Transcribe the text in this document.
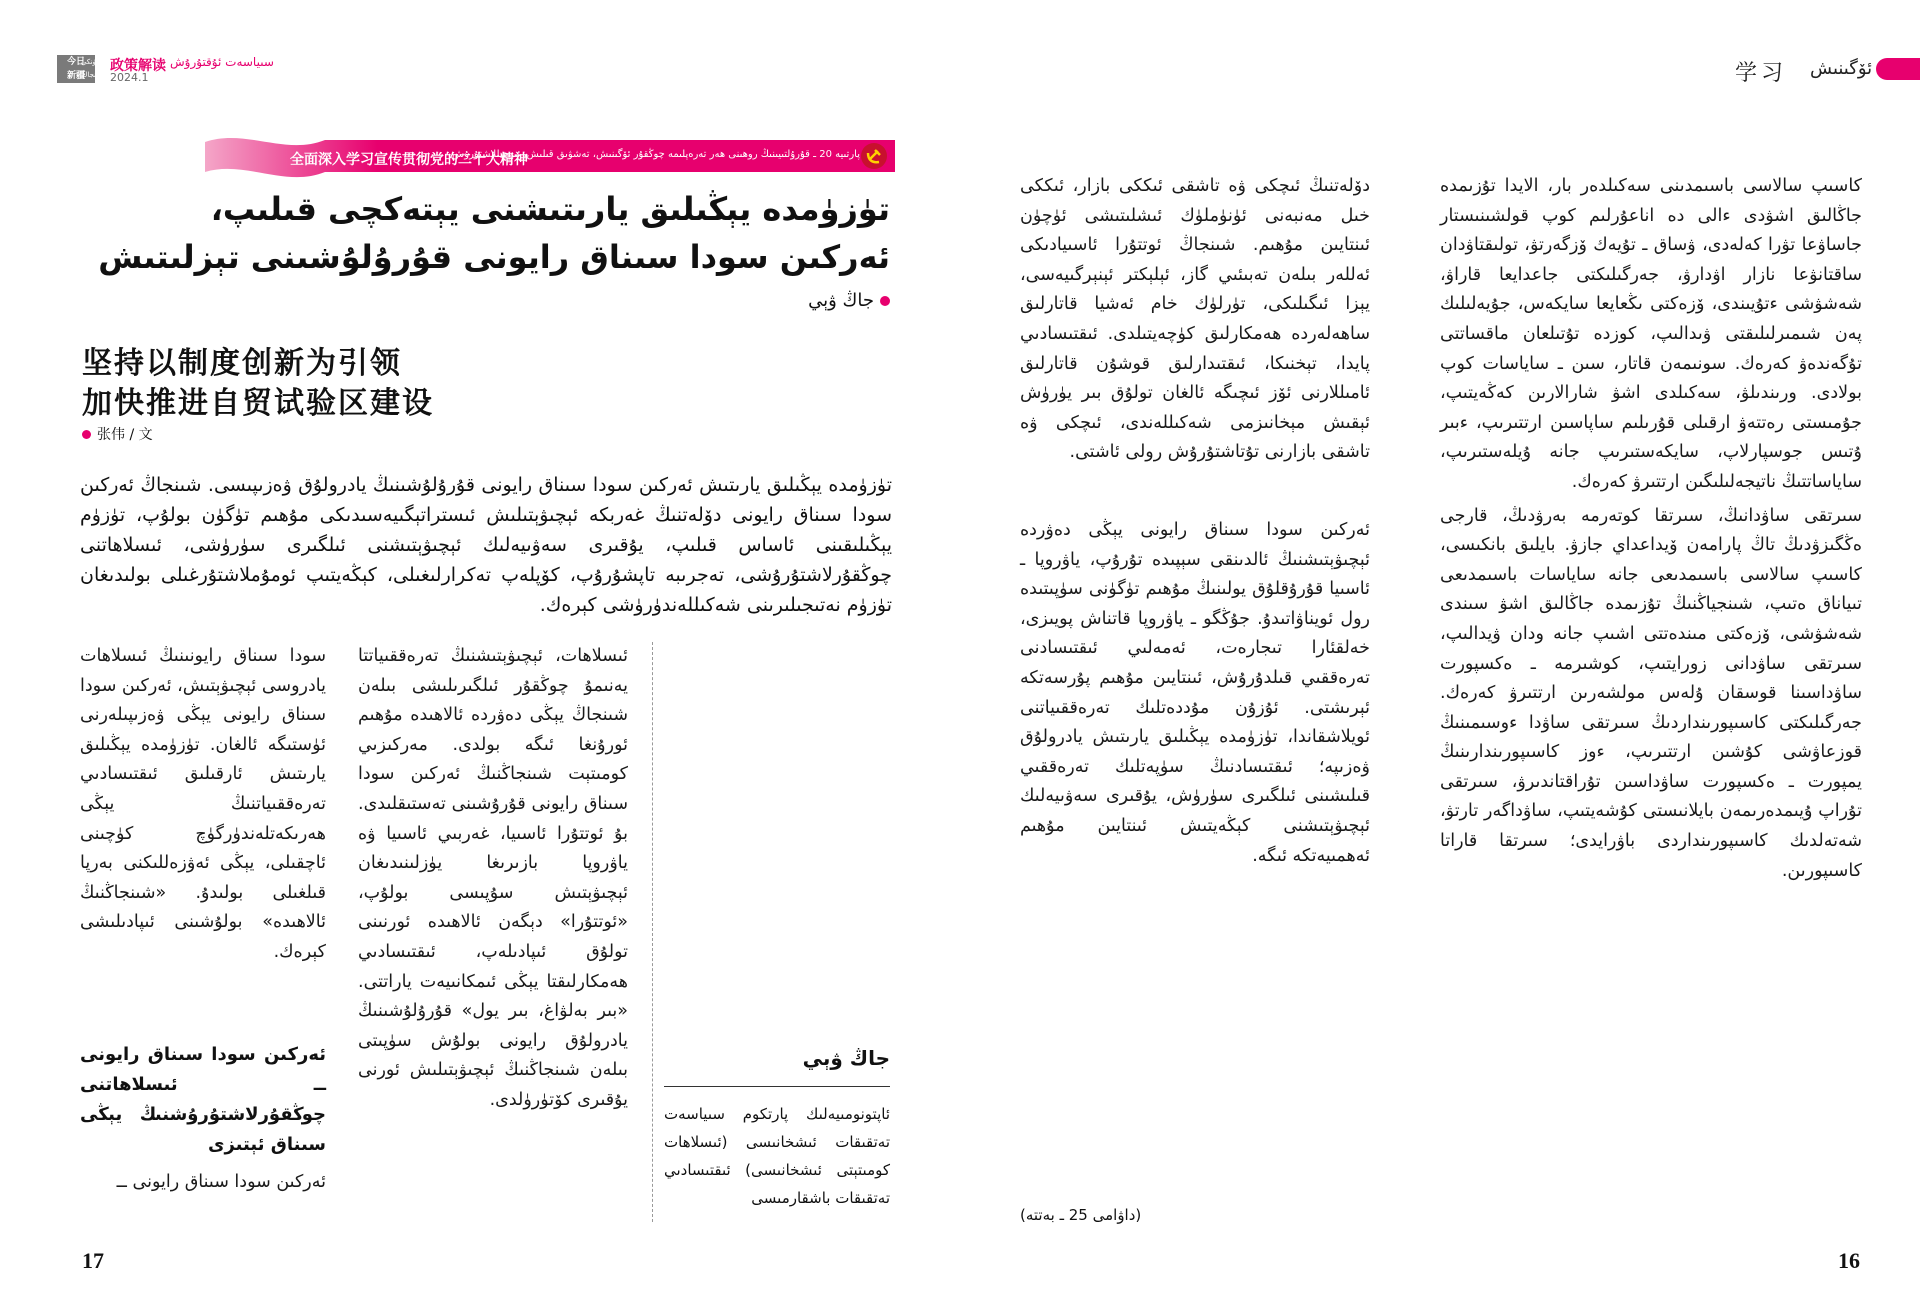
今日
新疆
بۈگۈنكى
شىنجاڭ
政策解读 سىياسەت ئۇقتۇرۇش
2024.1	学习 ئۆگىنىش
全面深入学习宣传贯彻党的二十大精神
پارتىيە 20 ـ قۇرۇلتىيىنىڭ روھىنى ھەر تەرەپلىمە چوڭقۇر ئۆگىنىش، تەشۋىق قىلىش، ئىزچىللاشتۇرۇش
تۈزۈمدە يېڭىلىق يارىتىشنى يېتەكچى قىلىپ،
ئەركىن سودا سىناق رايونى قۇرۇلۇشىنى تېزلىتىش
جاڭ ۋېي
坚持以制度创新为引领
加快推进自贸试验区建设
张伟 / 文

تۈزۈمدە يېڭىلىق يارىتىش ئەركىن سودا سىناق رايونى قۇرۇلۇشىنىڭ يادرولۇق ۋەزىپىسى. شىنجاڭ ئەركىن سودا سىناق رايونى دۆلەتنىڭ غەربكە ئېچىۋېتىلىش ئىستراتېگىيەسىدىكى مۇھىم تۈگۈن بولۇپ، تۈزۈم يېڭىلىقىنى ئاساس قىلىپ، يۇقىرى سەۋىيەلىك ئېچىۋېتىشنى ئىلگىرى سۈرۈشى، ئىسلاھاتنى چوڭقۇرلاشتۇرۇشى، تەجرىبە تاپشۇرۇپ، كۆپلەپ تەكرارلىغىلى، كېڭەيتىپ ئومۇملاشتۇرغىلى بولىدىغان تۈزۈم نەتىجىلىرىنى شەكىللەندۈرۈشى كېرەك.

سودا سىناق رايونىنىڭ ئىسلاھات يادروسى ئېچىۋېتىش، ئەركىن سودا سىناق رايونى يېڭى ۋەزىپىلەرنى ئۈستىگە ئالغان. تۈزۈمدە يېڭىلىق يارىتىش ئارقىلىق ئىقتىسادىي تەرەققىياتنىڭ يېڭى ھەرىكەتلەندۈرگۈچ كۈچىنى ئاچقىلى، يېڭى ئەۋزەللىكنى بەرپا قىلغىلى بولىدۇ. «شىنجاڭنىڭ ئالاھىدە» بولۇشىنى ئىپادىلىشى كېرەك.

ئەركىن سودا سىناق رايونى ــ ئىسلاھاتنى چوڭقۇرلاشتۇرۇشنىڭ يېڭى سىناق ئېتىزى

ئەركىن سودا سىناق رايونى ــ

ئىسلاھات، ئېچىۋېتىشنىڭ تەرەققىياتتا يەنىمۇ چوڭقۇر ئىلگىرىلىشى بىلەن شىنجاڭ يېڭى دەۋردە ئالاھىدە مۇھىم ئورۇنغا ئىگە بولدى. مەركىزىي كومىتېت شىنجاڭنىڭ ئەركىن سودا سىناق رايونى قۇرۇشىنى تەستىقلىدى. بۇ ئوتتۇرا ئاسىيا، غەربىي ئاسىيا ۋە ياۋروپا بازىرىغا يۈزلىنىدىغان ئېچىۋېتىش سۇپىسى بولۇپ، «ئوتتۇرا» دېگەن ئالاھىدە ئورنىنى تولۇق ئىپادىلەپ، ئىقتىسادىي ھەمكارلىقتا يېڭى ئىمكانىيەت ياراتتى. «بىر بەلۋاغ، بىر يول» قۇرۇلۇشىنىڭ يادرولۇق رايونى بولۇش سۈپىتى بىلەن شىنجاڭنىڭ ئېچىۋېتىلىش ئورنى يۇقىرى كۆتۈرۈلدى.

جاڭ ۋېي

ئاپتونومىيەلىك پارتكوم سىياسەت تەتقىقات ئىشخانىسى (ئىسلاھات كومىتېتى ئىشخانىسى) ئىقتىسادىي تەتقىقات باشقارمىسى

17

دۆلەتنىڭ ئىچكى ۋە تاشقى ئىككى بازار، ئىككى خىل مەنبەنى ئۈنۈملۈك ئىشلىتىشى ئۈچۈن ئىنتايىن مۇھىم. شىنجاڭ ئوتتۇرا ئاسىيادىكى ئەللەر بىلەن تەبىئىي گاز، ئېلېكتر ئېنېرگىيەسى، يېزا ئىگىلىكى، تۈرلۈك خام ئەشيا قاتارلىق ساھەلەردە ھەمكارلىق كۈچەيتىلدى. ئىقتىسادىي پايدا، تېخنىكا، ئىقتىدارلىق قوشۇن قاتارلىق ئامىللارنى ئۆز ئىچىگە ئالغان تولۇق بىر يۈرۈش ئېقىش مېخانىزمى شەكىللەندى، ئىچكى ۋە تاشقى بازارنى تۇتاشتۇرۇش رولى ئاشتى.

ئەركىن سودا سىناق رايونى يېڭى دەۋردە ئېچىۋېتىشنىڭ ئالدىنقى سېپىدە تۇرۇپ، ياۋروپا ـ ئاسىيا قۇرۇقلۇق يولىنىڭ مۇھىم تۈگۈنى سۈپىتىدە رول ئويناۋاتىدۇ. جۇڭگو ـ ياۋروپا قاتناش پويىزى، خەلقئارا تىجارەت، ئەمەلىي ئىقتىسادنى تەرەققىي قىلدۇرۇش، ئىنتايىن مۇھىم پۇرسەتكە ئېرىشتى. ئۇزۇن مۇددەتلىك تەرەققىياتنى ئويلاشقاندا، تۈزۈمدە يېڭىلىق يارىتىش يادرولۇق ۋەزىپە؛ ئىقتىسادنىڭ سۈپەتلىك تەرەققىي قىلىشىنى ئىلگىرى سۈرۈش، يۇقىرى سەۋىيەلىك ئېچىۋېتىشنى كېڭەيتىش ئىنتايىن مۇھىم ئەھمىيەتكە ئىگە.

(داۋامى 25 ـ بەتتە)

كاسىپ سالاسى باسىمدىنى سەكىلدەر بار، الايدا تۇزىمدە جاڭالىق اشۋدى ءالى دە اناعۇرلىم كوپ قولشىنىستار جاساۋعا تۋرا كەلەدى، ۋساق ـ تۇيەك ۆزگەرتۋ، تولىقتاۋدان ساقتانۋعا نازار اۋدارۋ، جەرگىلىكتى جاعدايعا قاراۋ، شەشۋشى ءتۇيىندى، ۆزەكتى ىڭعايعا سايكەس، جۇيەلىلىك پەن شىمىرلىلىقتى ۋىدالىپ، كوزدە تۇتىلعان ماقساتتى تۇگەندەۋ كەرەك. سونىمەن قاتار، سىن ـ ساياسات كوپ بولادى. ورىندىلۋ، سەكىلدى اشۋ شارالارىن كەڭەيتىپ، جۇمىستى رەتتەۋ ارقىلى قۇرىلىم ساپاسىن ارتتىرىپ، ءبىر ۇتىس جوسپارلاپ، سايكەستىرىپ جانە ۇيلەستىرىپ، ساياساتتىڭ ناتيجەلىلىگىن ارتتىرۋ كەرەك.

سىرتقى ساۋدانىڭ، سىرتقا كوتەرمە بەرۋدىڭ، قارجى ەڭگىزۋدىڭ تاڭ پارامەن ۆيداعداي جازۋ. بايلىق بانكىسى، كاسىپ سالاسى باسىمدىعى جانە ساياسات باسىمدىعى تىياناق ەتىپ، شىنجياڭنىڭ تۇزىمدە جاڭالىق اشۋ سىندى شەشۋشى، ۆزەكتى مىندەتتى اشىپ جانە ودان ۋيدالىپ، سىرتقى ساۋدانى زورايتىپ، كوشىرمە ـ ەكسپورت ساۋداسىنا قوسقان ۇلەس مولشەرىن ارتتىرۋ كەرەك. جەرگىلىكتى كاسىپورىنداردىڭ سىرتقى ساۋدا ءوسىمىنىڭ قوزعاۋشى كۇشىن ارتتىرىپ، ءوز كاسىپورىندارىنىڭ يمپورت ـ ەكسپورت ساۋداسىن تۇراقتاندىرۋ، سىرتقى تۇراپ ۇيىمدەرىمەن بايلانىستى كۇشەيتىپ، ساۋداگەر تارتۋ، شەتەلدىك كاسىپورىنداردى باۋرايدى؛ سىرتقا قاراتا كاسىپورىن.

16
